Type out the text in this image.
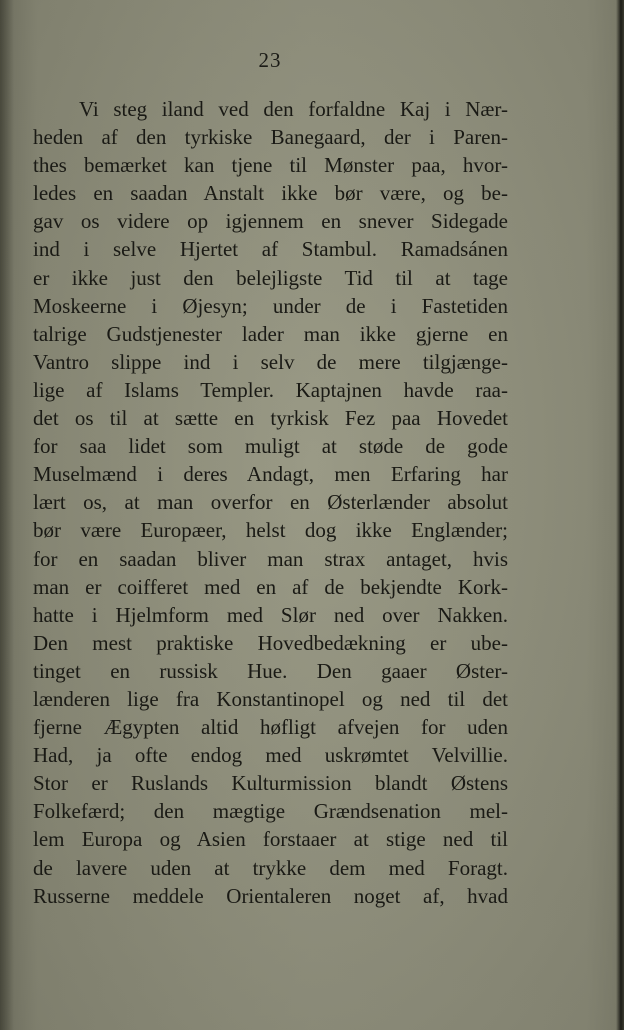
23
Vi steg iland ved den forfaldne Kaj i Nær-
heden af den tyrkiske Banegaard, der i Paren-
thes bemærket kan tjene til Mønster paa, hvor-
ledes en saadan Anstalt ikke bør være, og be-
gav os videre op igjennem en snever Sidegade
ind i selve Hjertet af Stambul. Ramadsánen
er ikke just den belejligste Tid til at tage
Moskeerne i Øjesyn; under de i Fastetiden
talrige Gudstjenester lader man ikke gjerne en
Vantro slippe ind i selv de mere tilgjænge-
lige af Islams Templer. Kaptajnen havde raa-
det os til at sætte en tyrkisk Fez paa Hovedet
for saa lidet som muligt at støde de gode
Muselmænd i deres Andagt, men Erfaring har
lært os, at man overfor en Østerlænder absolut
bør være Europæer, helst dog ikke Englænder;
for en saadan bliver man strax antaget, hvis
man er coifferet med en af de bekjendte Kork-
hatte i Hjelmform med Slør ned over Nakken.
Den mest praktiske Hovedbedækning er ube-
tinget en russisk Hue. Den gaaer Øster-
lænderen lige fra Konstantinopel og ned til det
fjerne Ægypten altid høfligt afvejen for uden
Had, ja ofte endog med uskrømtet Velvillie.
Stor er Ruslands Kulturmission blandt Østens
Folkefærd; den mægtige Grændsenation mel-
lem Europa og Asien forstaaer at stige ned til
de lavere uden at trykke dem med Foragt.
Russerne meddele Orientaleren noget af, hvad
